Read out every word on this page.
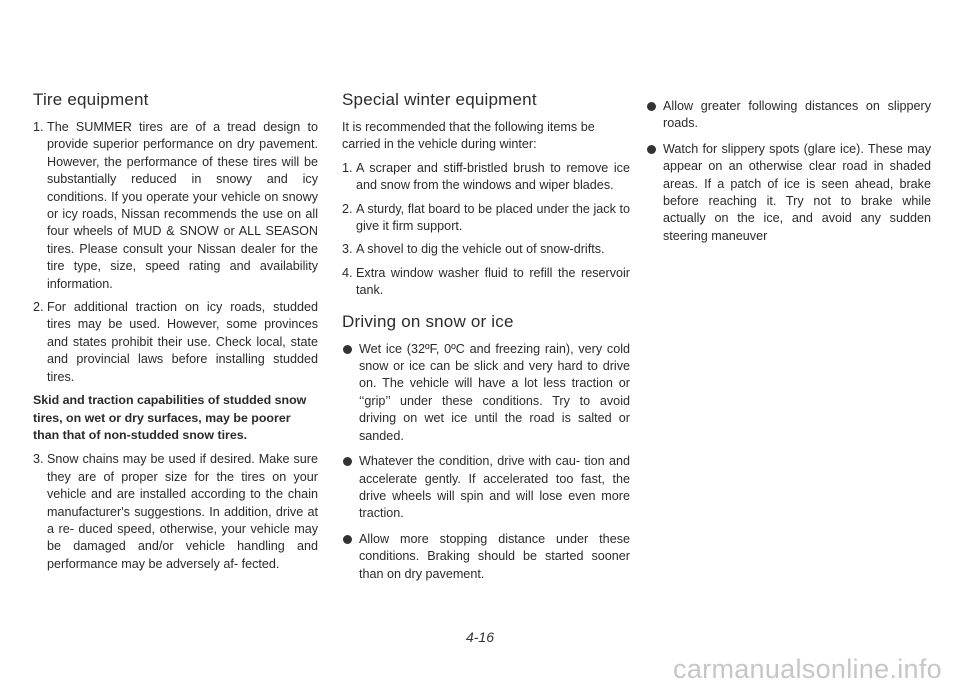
Tire equipment
1. The SUMMER tires are of a tread design to provide superior performance on dry pavement. However, the performance of these tires will be substantially reduced in snowy and icy conditions. If you operate your vehicle on snowy or icy roads, Nissan recommends the use on all four wheels of MUD & SNOW or ALL SEASON tires. Please consult your Nissan dealer for the tire type, size, speed rating and availability information.
2. For additional traction on icy roads, studded tires may be used. However, some provinces and states prohibit their use. Check local, state and provincial laws before installing studded tires.

Skid and traction capabilities of studded snow tires, on wet or dry surfaces, may be poorer than that of non-studded snow tires.

3. Snow chains may be used if desired. Make sure they are of proper size for the tires on your vehicle and are installed according to the chain manufacturer's suggestions. In addition, drive at a re- duced speed, otherwise, your vehicle may be damaged and/or vehicle handling and performance may be adversely af- fected.
Special winter equipment

It is recommended that the following items be carried in the vehicle during winter:

1. A scraper and stiff-bristled brush to remove ice and snow from the windows and wiper blades.
2. A sturdy, flat board to be placed under the jack to give it firm support.
3. A shovel to dig the vehicle out of snow-drifts.
4. Extra window washer fluid to refill the reservoir tank.
Driving on snow or ice
Wet ice (32ºF, 0ºC and freezing rain), very cold snow or ice can be slick and very hard to drive on. The vehicle will have a lot less traction or ‘‘grip’’ under these conditions. Try to avoid driving on wet ice until the road is salted or sanded.
Whatever the condition, drive with cau- tion and accelerate gently. If accelerated too fast, the drive wheels will spin and will lose even more traction.
Allow more stopping distance under these conditions. Braking should be started sooner than on dry pavement.
Allow greater following distances on slippery roads.
Watch for slippery spots (glare ice). These may appear on an otherwise clear road in shaded areas. If a patch of ice is seen ahead, brake before reaching it. Try not to brake while actually on the ice, and avoid any sudden steering maneuver
4-16
carmanualsonline.info
